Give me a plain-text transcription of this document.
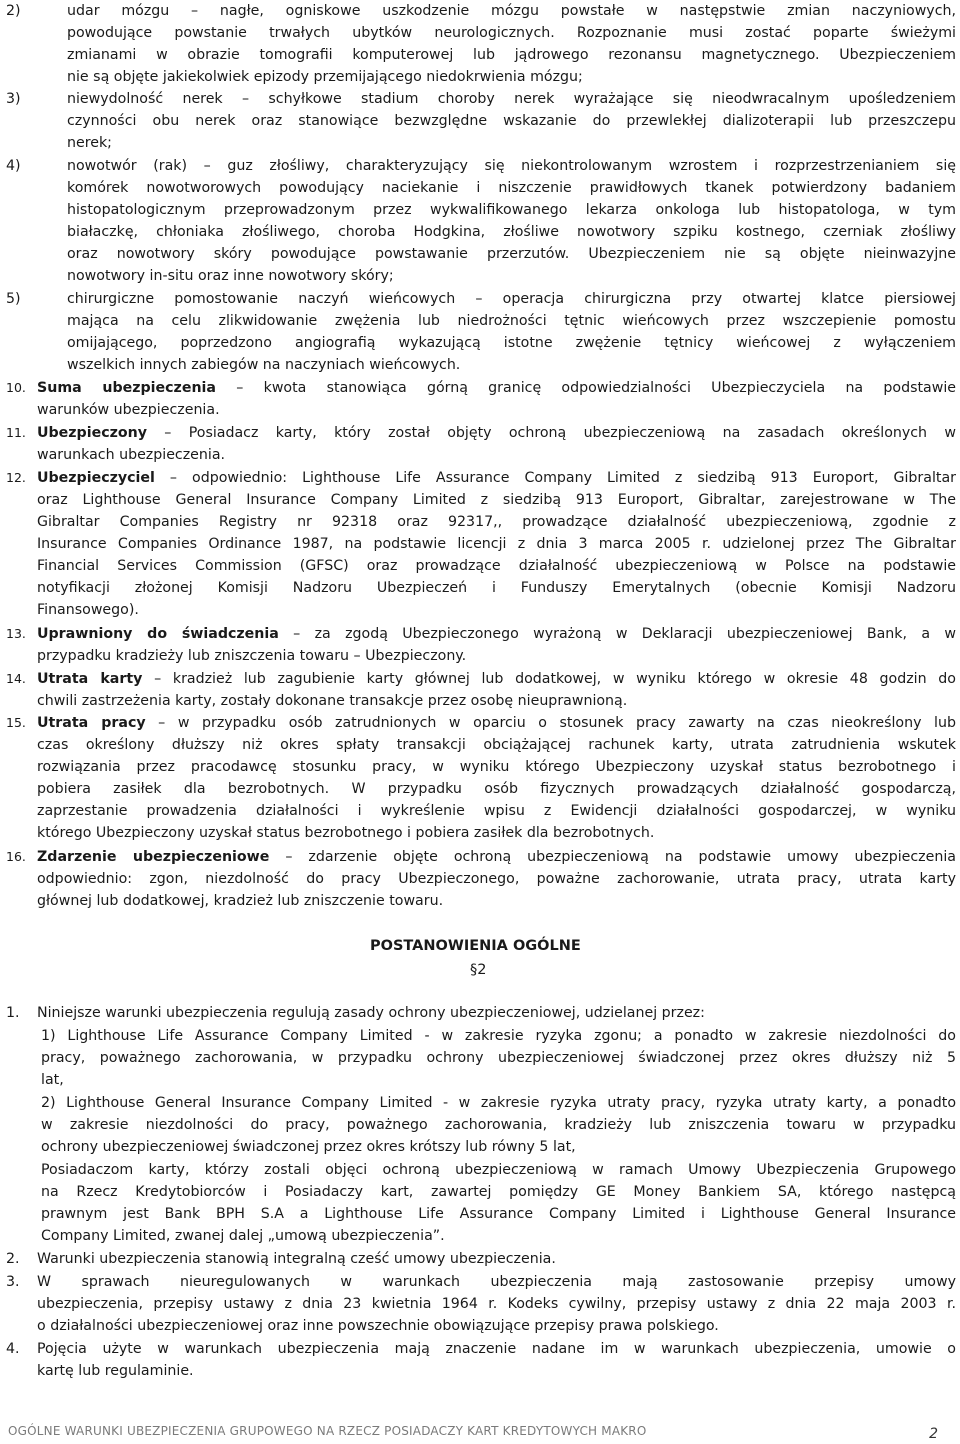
2)	udar mózgu – nagłe, ogniskowe uszkodzenie mózgu powstałe w następstwie zmian naczyniowych,
powodujące powstanie trwałych ubytków neurologicznych. Rozpoznanie musi zostać poparte świeżymi
zmianami w obrazie tomografii komputerowej lub jądrowego rezonansu magnetycznego. Ubezpieczeniem
nie są objęte jakiekolwiek epizody przemijającego niedokrwienia mózgu;
3)	niewydolność nerek – schyłkowe stadium choroby nerek wyrażające się nieodwracalnym upośledzeniem
czynności obu nerek oraz stanowiące bezwzględne wskazanie do przewlekłej dializoterapii lub przeszczepu
nerek;
4)	nowotwór (rak) – guz złośliwy, charakteryzujący się niekontrolowanym wzrostem i rozprzestrzenianiem się
komórek nowotworowych powodujący naciekanie i niszczenie prawidłowych tkanek potwierdzony badaniem
histopatologicznym przeprowadzonym przez wykwalifikowanego lekarza onkologa lub histopatologa, w tym
białaczkę, chłoniaka złośliwego, choroba Hodgkina, złośliwe nowotwory szpiku kostnego, czerniak złośliwy
oraz nowotwory skóry powodujące powstawanie przerzutów. Ubezpieczeniem nie są objęte nieinwazyjne
nowotwory in-situ oraz inne nowotwory skóry;
5)	chirurgiczne pomostowanie naczyń wieńcowych – operacja chirurgiczna przy otwartej klatce piersiowej
mająca na celu zlikwidowanie zwężenia lub niedrożności tętnic wieńcowych przez wszczepienie pomostu
omijającego, poprzedzono angiografią wykazującą istotne zwężenie tętnicy wieńcowej z wyłączeniem
wszelkich innych zabiegów na naczyniach wieńcowych.
10. Suma ubezpieczenia – kwota stanowiąca górną granicę odpowiedzialności Ubezpieczyciela na podstawie
warunków ubezpieczenia.
11. Ubezpieczony – Posiadacz karty, który został objęty ochroną ubezpieczeniową na zasadach określonych w
warunkach ubezpieczenia.
12. Ubezpieczyciel – odpowiednio: Lighthouse Life Assurance Company Limited z siedzibą 913 Europort, Gibraltar
oraz Lighthouse General Insurance Company Limited z siedzibą 913 Europort, Gibraltar, zarejestrowane w The
Gibraltar Companies Registry nr 92318 oraz 92317,, prowadzące działalność ubezpieczeniową, zgodnie z
Insurance Companies Ordinance 1987, na podstawie licencji z dnia 3 marca 2005 r. udzielonej przez The Gibraltar
Financial Services Commission (GFSC) oraz prowadzące działalność ubezpieczeniową w Polsce na podstawie
notyfikacji złożonej Komisji Nadzoru Ubezpieczeń i Funduszy Emerytalnych (obecnie Komisji Nadzoru
Finansowego).
13. Uprawniony do świadczenia – za zgodą Ubezpieczonego wyrażoną w Deklaracji ubezpieczeniowej Bank, a w
przypadku kradzieży lub zniszczenia towaru – Ubezpieczony.
14. Utrata karty – kradzież lub zagubienie karty głównej lub dodatkowej, w wyniku którego w okresie 48 godzin do
chwili zastrzeżenia karty, zostały dokonane transakcje przez osobę nieuprawnioną.
15. Utrata pracy – w przypadku osób zatrudnionych w oparciu o stosunek pracy zawarty na czas nieokreślony lub
czas określony dłuższy niż okres spłaty transakcji obciążającej rachunek karty, utrata zatrudnienia wskutek
rozwiązania przez pracodawcę stosunku pracy, w wyniku którego Ubezpieczony uzyskał status bezrobotnego i
pobiera zasiłek dla bezrobotnych. W przypadku osób fizycznych prowadzących działalność gospodarczą,
zaprzestanie prowadzenia działalności i wykreślenie wpisu z Ewidencji działalności gospodarczej, w wyniku
którego Ubezpieczony uzyskał status bezrobotnego i pobiera zasiłek dla bezrobotnych.
16. Zdarzenie ubezpieczeniowe – zdarzenie objęte ochroną ubezpieczeniową na podstawie umowy ubezpieczenia
odpowiednio: zgon, niezdolność do pracy Ubezpieczonego, poważne zachorowanie, utrata pracy, utrata karty
głównej lub dodatkowej, kradzież lub zniszczenie towaru.
POSTANOWIENIA OGÓLNE
§2
1. Niniejsze warunki ubezpieczenia regulują zasady ochrony ubezpieczeniowej, udzielanej przez:
1) Lighthouse Life Assurance Company Limited - w zakresie ryzyka zgonu; a ponadto w zakresie niezdolności do
pracy, poważnego zachorowania, w przypadku ochrony ubezpieczeniowej świadczonej przez okres dłuższy niż 5
lat,
2) Lighthouse General Insurance Company Limited - w zakresie ryzyka utraty pracy, ryzyka utraty karty, a ponadto
w zakresie niezdolności do pracy, poważnego zachorowania, kradzieży lub zniszczenia towaru w przypadku
ochrony ubezpieczeniowej świadczonej przez okres krótszy lub równy 5 lat,
Posiadaczom karty, którzy zostali objęci ochroną ubezpieczeniową w ramach Umowy Ubezpieczenia Grupowego
na Rzecz Kredytobiorców i Posiadaczy kart, zawartej pomiędzy GE Money Bankiem SA, którego następcą
prawnym jest Bank BPH S.A a Lighthouse Life Assurance Company Limited i Lighthouse General Insurance
Company Limited, zwanej dalej „umową ubezpieczenia”.
2. Warunki ubezpieczenia stanowią integralną cześć umowy ubezpieczenia.
3. W sprawach nieuregulowanych w warunkach ubezpieczenia mają zastosowanie przepisy umowy
ubezpieczenia, przepisy ustawy z dnia 23 kwietnia 1964 r. Kodeks cywilny, przepisy ustawy z dnia 22 maja 2003 r.
o działalności ubezpieczeniowej oraz inne powszechnie obowiązujące przepisy prawa polskiego.
4. Pojęcia użyte w warunkach ubezpieczenia mają znaczenie nadane im w warunkach ubezpieczenia, umowie o
kartę lub regulaminie.
OGÓLNE WARUNKI UBEZPIECZENIA GRUPOWEGO NA RZECZ POSIADACZY KART KREDYTOWYCH MAKRO	2
